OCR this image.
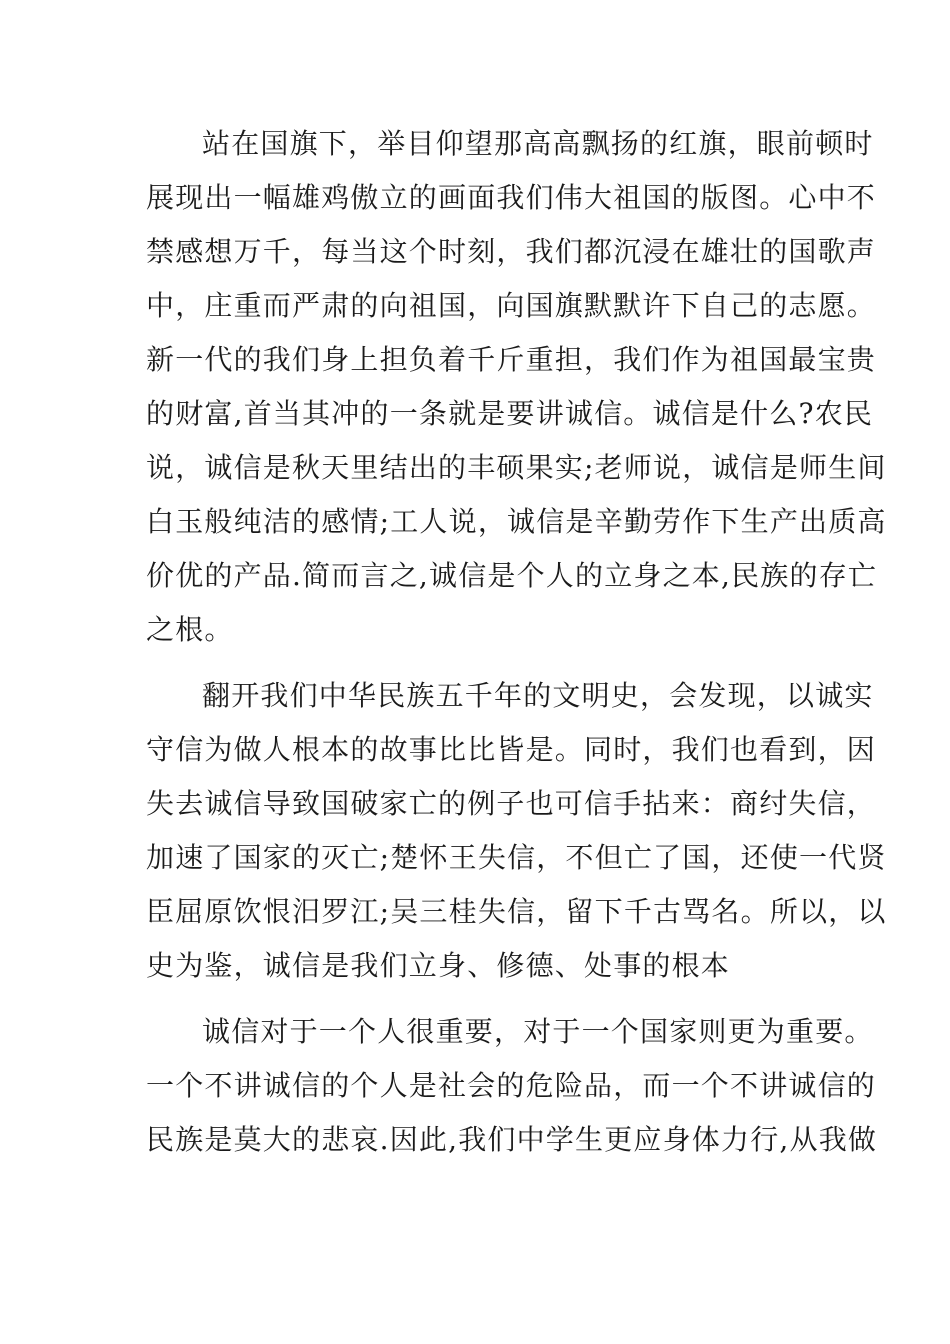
站在国旗下，举目仰望那高高飘扬的红旗，眼前顿时
展现出一幅雄鸡傲立的画面我们伟大祖国的版图。心中不
禁感想万千，每当这个时刻，我们都沉浸在雄壮的国歌声
中，庄重而严肃的向祖国，向国旗默默许下自己的志愿。
新一代的我们身上担负着千斤重担，我们作为祖国最宝贵
的财富,首当其冲的一条就是要讲诚信。诚信是什么?农民
说，诚信是秋天里结出的丰硕果实;老师说，诚信是师生间
白玉般纯洁的感情;工人说，诚信是辛勤劳作下生产出质高
价优的产品.简而言之,诚信是个人的立身之本,民族的存亡
之根。
翻开我们中华民族五千年的文明史，会发现，以诚实
守信为做人根本的故事比比皆是。同时，我们也看到，因
失去诚信导致国破家亡的例子也可信手拈来：商纣失信，
加速了国家的灭亡;楚怀王失信，不但亡了国，还使一代贤
臣屈原饮恨汨罗江;吴三桂失信，留下千古骂名。所以，以
史为鉴，诚信是我们立身、修德、处事的根本
诚信对于一个人很重要，对于一个国家则更为重要。
一个不讲诚信的个人是社会的危险品，而一个不讲诚信的
民族是莫大的悲哀.因此,我们中学生更应身体力行,从我做
